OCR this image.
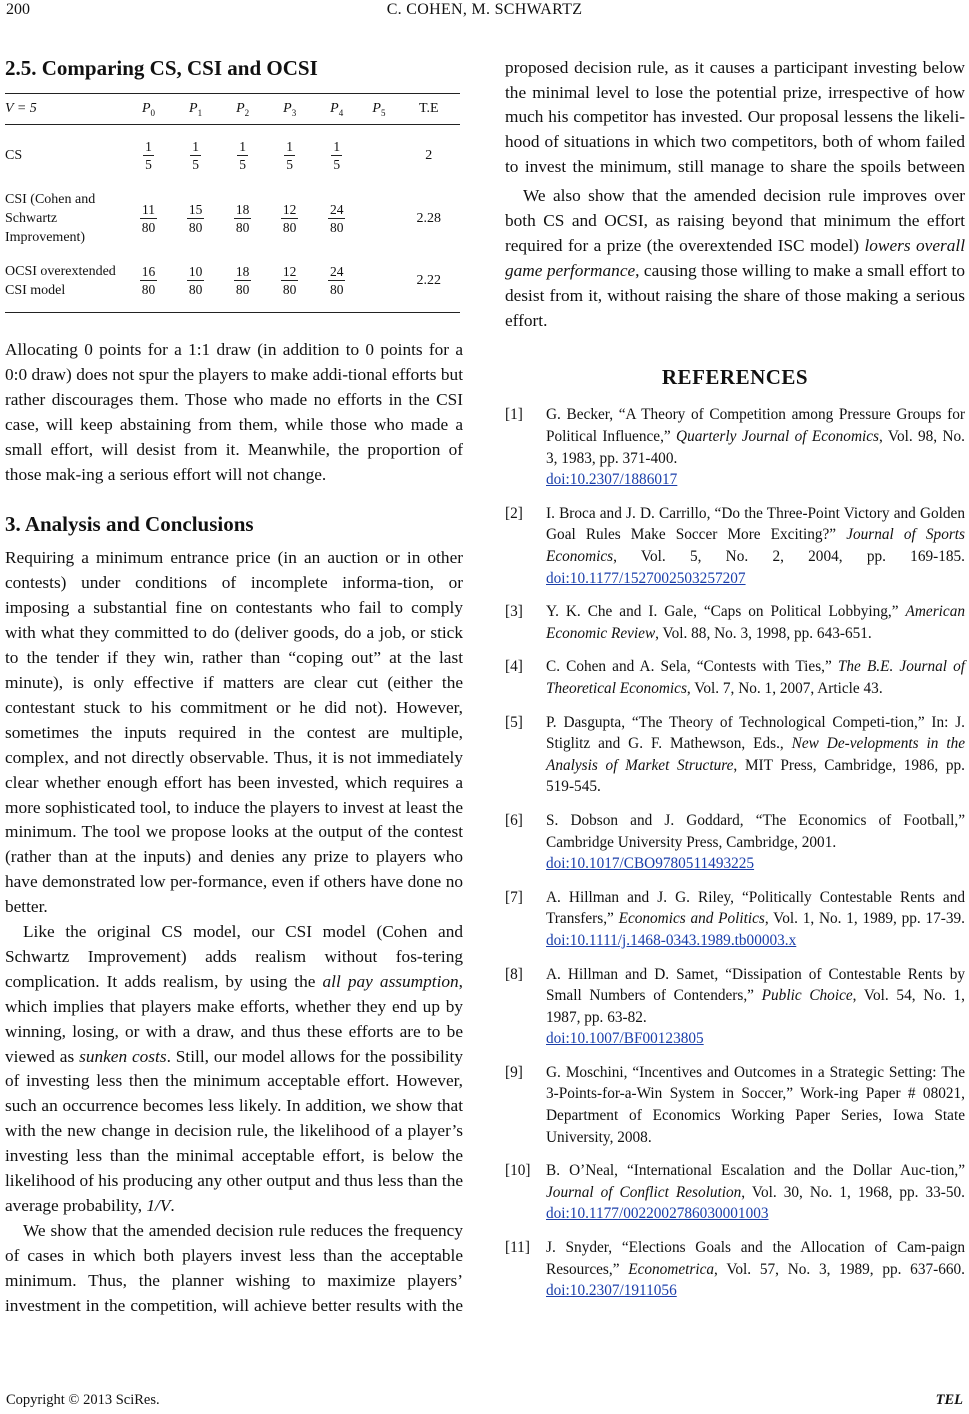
200	C. COHEN, M. SCHWARTZ
2.5. Comparing CS, CSI and OCSI
V = 5	$P_0$	$P_1$	$P_2$	$P_3$	$P_4$	$P_5$	T.E
CS	$\frac{1}{5}$	$\frac{1}{5}$	$\frac{1}{5}$	$\frac{1}{5}$	$\frac{1}{5}$		2
CSI (Cohen and Schwartz Improvement)	$\frac{11}{80}$	$\frac{15}{80}$	$\frac{18}{80}$	$\frac{12}{80}$	$\frac{24}{80}$		2.28
OCSI overextended CSI model	$\frac{16}{80}$	$\frac{10}{80}$	$\frac{18}{80}$	$\frac{12}{80}$	$\frac{24}{80}$		2.22

Allocating 0 points for a 1:1 draw (in addition to 0 points for a 0:0 draw) does not spur the players to make addi-tional efforts but rather discourages them. Those who made no efforts in the CSI case, will keep abstaining from them, while those who made a small effort, will desist from it. Meanwhile, the proportion of those mak-ing a serious effort will not change.

3. Analysis and Conclusions

Requiring a minimum entrance price (in an auction or in other contests) under conditions of incomplete informa-tion, or imposing a substantial fine on contestants who fail to comply with what they committed to do (deliver goods, do a job, or stick to the tender if they win, rather than “coping out” at the last minute), is only effective if matters are clear cut (either the contestant stuck to his commitment or he did not). However, sometimes the inputs required in the contest are multiple, complex, and not directly observable. Thus, it is not immediately clear whether enough effort has been invested, which requires a more sophisticated tool, to induce the players to invest at least the minimum. The tool we propose looks at the output of the contest (rather than at the inputs) and denies any prize to players who have demonstrated low per-formance, even if others have done no better.

Like the original CS model, our CSI model (Cohen and Schwartz Improvement) adds realism without fos-tering complication. It adds realism, by using the all pay assumption, which implies that players make efforts, whether they end up by winning, losing, or with a draw, and thus these efforts are to be viewed as sunken costs. Still, our model allows for the possibility of investing less then the minimum acceptable effort. However, such an occurrence becomes less likely. In addition, we show that with the new change in decision rule, the likelihood of a player’s investing less than the minimal acceptable effort, is below the likelihood of his producing any other output and thus less than the average probability, 1/V.

We show that the amended decision rule reduces the frequency of cases in which both players invest less than the acceptable minimum. Thus, the planner wishing to maximize players’ investment in the competition, will achieve better results with the

proposed decision rule, as it causes a participant investing below the minimal level to lose the potential prize, irrespective of how much his competitor has invested. Our proposal lessens the likeli-hood of situations in which two competitors, both of whom failed to invest the minimum, still manage to share the spoils between

We also show that the amended decision rule improves over both CS and OCSI, as raising beyond that minimum the effort required for a prize (the overextended ISC model) lowers overall game performance, causing those willing to make a small effort to desist from it, without raising the share of those making a serious effort.

REFERENCES

[1] G. Becker, “A Theory of Competition among Pressure Groups for Political Influence,” Quarterly Journal of Economics, Vol. 98, No. 3, 1983, pp. 371-400.
doi:10.2307/1886017

[2] I. Broca and J. D. Carrillo, “Do the Three-Point Victory and Golden Goal Rules Make Soccer More Exciting?” Journal of Sports Economics, Vol. 5, No. 2, 2004, pp. 169-185. doi:10.1177/1527002503257207

[3] Y. K. Che and I. Gale, “Caps on Political Lobbying,” American Economic Review, Vol. 88, No. 3, 1998, pp. 643-651.

[4] C. Cohen and A. Sela, “Contests with Ties,” The B.E. Journal of Theoretical Economics, Vol. 7, No. 1, 2007, Article 43.

[5] P. Dasgupta, “The Theory of Technological Competi-tion,” In: J. Stiglitz and G. F. Mathewson, Eds., New De-velopments in the Analysis of Market Structure, MIT Press, Cambridge, 1986, pp. 519-545.

[6] S. Dobson and J. Goddard, “The Economics of Football,” Cambridge University Press, Cambridge, 2001.
doi:10.1017/CBO9780511493225

[7] A. Hillman and J. G. Riley, “Politically Contestable Rents and Transfers,” Economics and Politics, Vol. 1, No. 1, 1989, pp. 17-39. doi:10.1111/j.1468-0343.1989.tb00003.x

[8] A. Hillman and D. Samet, “Dissipation of Contestable Rents by Small Numbers of Contenders,” Public Choice, Vol. 54, No. 1, 1987, pp. 63-82.
doi:10.1007/BF00123805

[9] G. Moschini, “Incentives and Outcomes in a Strategic Setting: The 3-Points-for-a-Win System in Soccer,” Work-ing Paper # 08021, Department of Economics Working Paper Series, Iowa State University, 2008.

[10] B. O’Neal, “International Escalation and the Dollar Auc-tion,” Journal of Conflict Resolution, Vol. 30, No. 1, 1968, pp. 33-50. doi:10.1177/0022002786030001003

[11] J. Snyder, “Elections Goals and the Allocation of Cam-paign Resources,” Econometrica, Vol. 57, No. 3, 1989, pp. 637-660. doi:10.2307/1911056

Copyright © 2013 SciRes.	TEL
